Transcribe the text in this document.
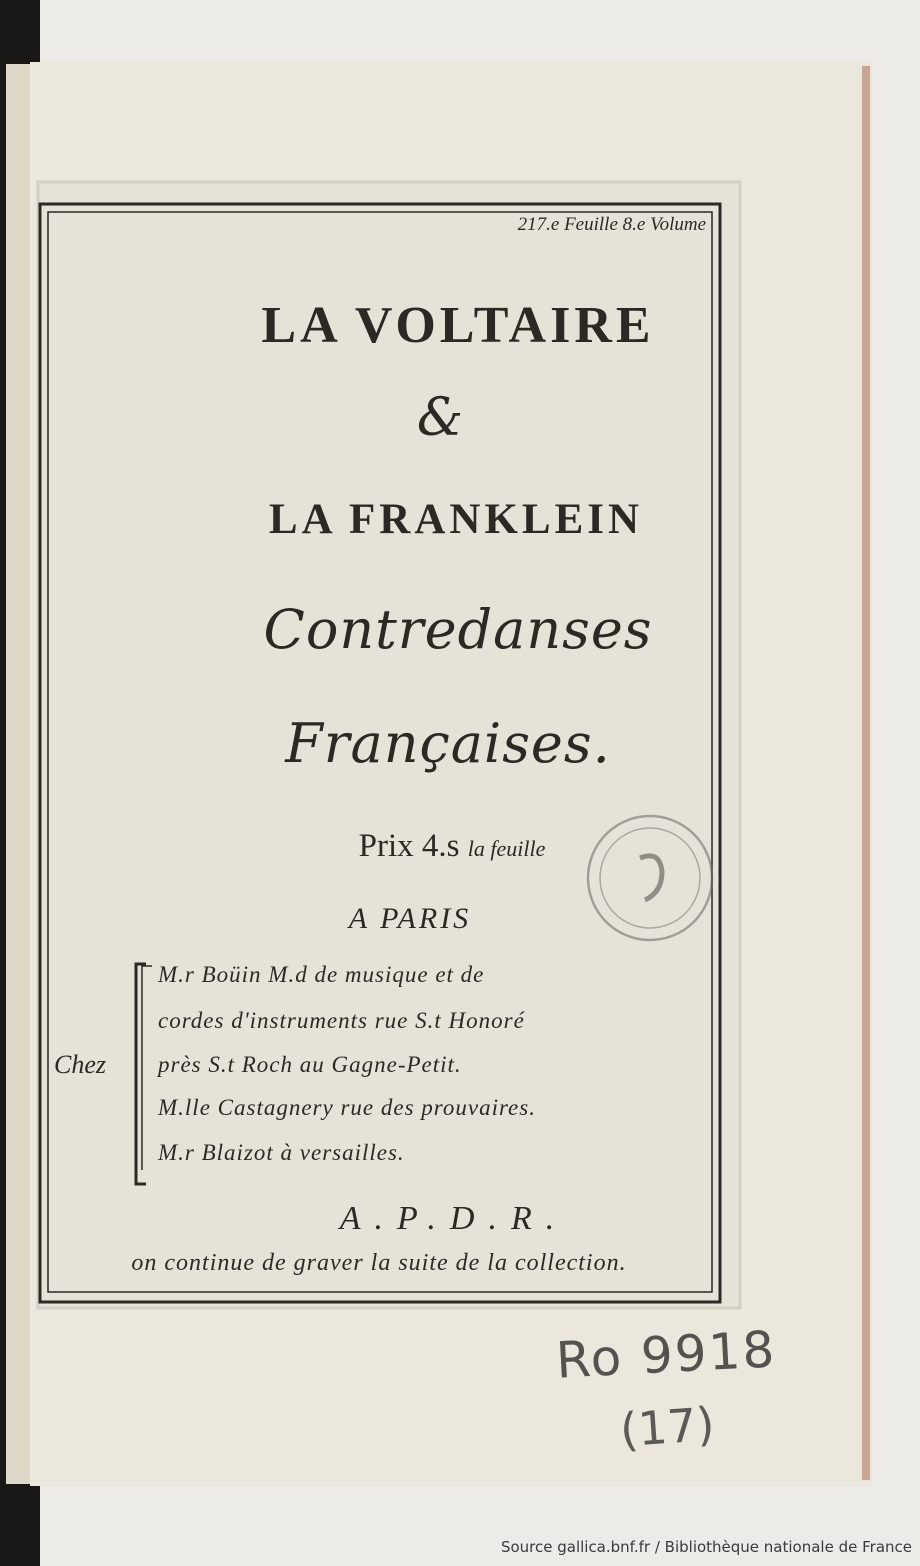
217.e Feuille 8.e Volume
LA VOLTAIRE
&
LA FRANKLEIN
Contredanses
Françaises.
Prix 4.s la feuille
A PARIS
Chez
M.r Boüin M.d de musique et de
cordes d'instruments rue S.t Honoré
près S.t Roch au Gagne-Petit.
M.lle Castagnery rue des prouvaires.
M.r Blaizot à versailles.
A.P.D.R.
on continue de graver la suite de la collection.
Ro 9918
(17)
Source gallica.bnf.fr / Bibliothèque nationale de France
